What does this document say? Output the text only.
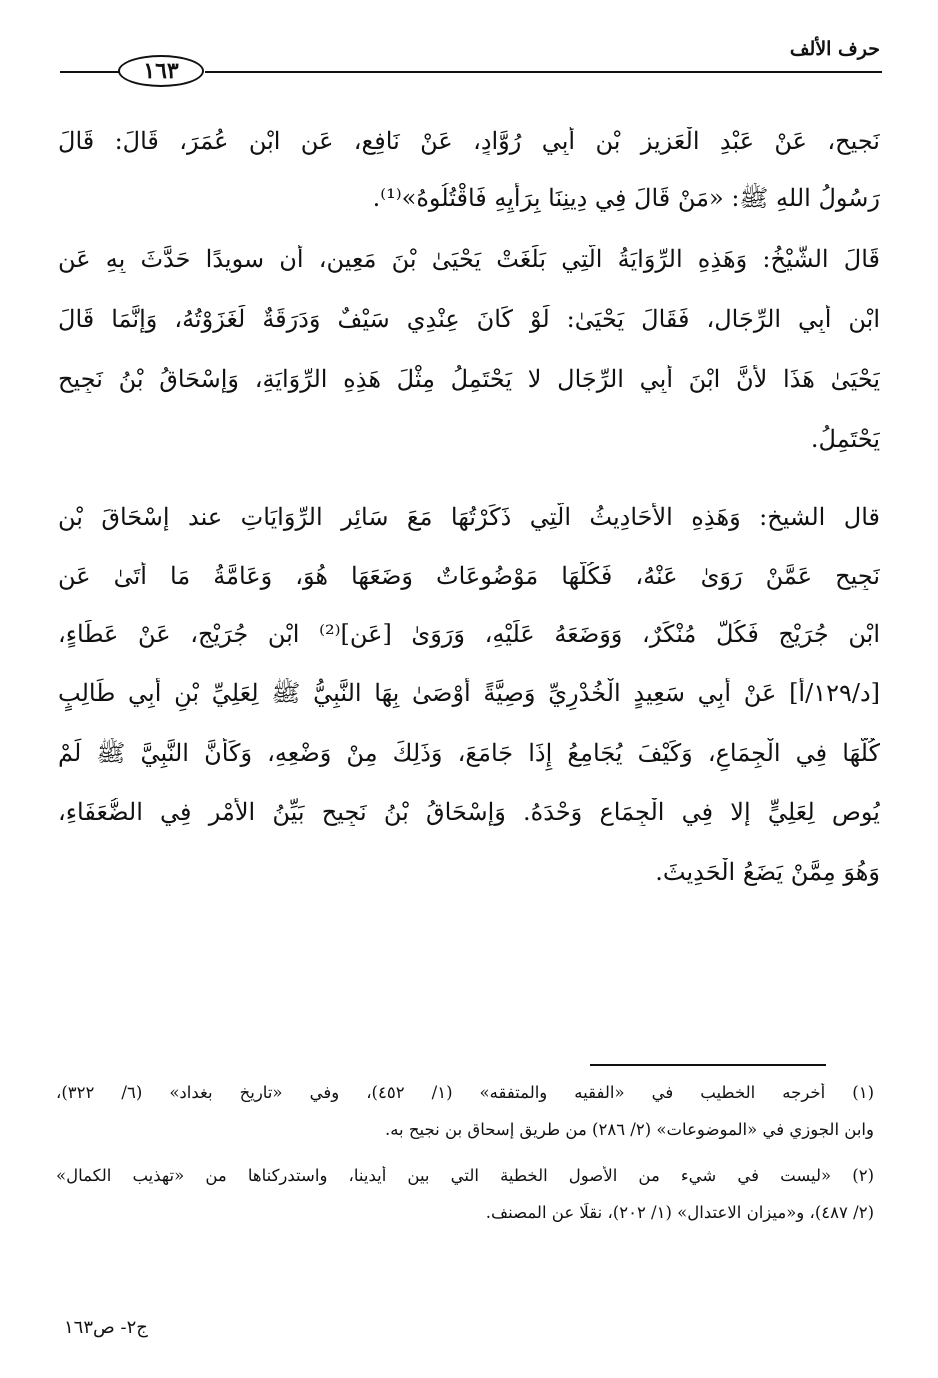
حرف الألف
١٦٣
نَجيح، عَنْ عَبْدِ الْعَزِيزِ بْنِ أَبِي رُوَّادٍ، عَنْ نَافِعٍ، عَنِ ابْنِ عُمَرَ، قَالَ: قَالَ
رَسُولُ اللهِ ﷺ: «مَنْ قَالَ فِي دِينِنَا بِرَأْيِهِ فَاقْتُلُوهُ»⁽¹⁾.
قَالَ الشَّيْخُ: وَهَذِهِ الرِّوَايَةُ الَّتِي بَلَغَتْ يَحْيَىٰ بْنَ مَعِينٍ، أن سويدًا حَدَّثَ بِهِ عَنِ
ابْنِ أَبِي الرِّجَالِ، فَقَالَ يَحْيَىٰ: لَوْ كَانَ عِنْدِي سَيْفٌ وَدَرَقَةٌ لَغَزَوْتُهُ، وَإِنَّمَا قَالَ
يَحْيَىٰ هَذَا لأَنَّ ابْنَ أَبِي الرِّجَالِ لا يَحْتَمِلُ مِثْلَ هَذِهِ الرِّوَايَةِ، وَإِسْحَاقُ بْنُ نَجِيحٍ
يَحْتَمِلُ.
قال الشيخ: وَهَذِهِ الأَحَادِيثُ الَّتِي ذَكَرْتُهَا مَعَ سَائِرِ الرِّوَايَاتِ عند إِسْحَاقَ بْنِ
نَجِيحٍ عَمَّنْ رَوَىٰ عَنْهُ، فَكُلُّهَا مَوْضُوعَاتٌ وَضَعَهَا هُوَ، وَعَامَّةُ مَا أَتَىٰ عَنِ
ابْنِ جُرَيْجٍ فَكُلٌّ مُنْكَرٌ، وَوَضَعَهُ عَلَيْهِ، وَرَوَىٰ [عَنِ]⁽²⁾ ابْنِ جُرَيْجٍ، عَنْ عَطَاءٍ،
[د/١٢٩/أ] عَنْ أَبِي سَعِيدٍ الْخُدْرِيِّ وَصِيَّةً أَوْصَىٰ بِهَا النَّبِيُّ ﷺ لِعَلِيِّ بْنِ أَبِي طَالِبٍ
كُلُّهَا فِي الْجِمَاعِ، وَكَيْفَ يُجَامِعُ إِذَا جَامَعَ، وَذَلِكَ مِنْ وَضْعِهِ، وَكَأَنَّ النَّبِيَّ ﷺ لَمْ
يُوصِ لِعَلِيٍّ إِلا فِي الْجِمَاعِ وَحْدَهُ. وَإِسْحَاقُ بْنُ نَجِيحٍ بَيِّنُ الأَمْرِ فِي الضُّعَفَاءِ،
وَهُوَ مِمَّنْ يَضَعُ الْحَدِيثَ.
(١) أخرجه الخطيب في «الفقيه والمتفقه» (١/ ٤٥٢)، وفي «تاريخ بغداد» (٦/ ٣٢٢)،
وابن الجوزي في «الموضوعات» (٢/ ٢٨٦) من طريق إسحاق بن نجيح به.
(٢) «ليست في شيء من الأصول الخطية التي بين أيدينا، واستدركناها من «تهذيب الكمال»
(٢/ ٤٨٧)، و«ميزان الاعتدال» (١/ ٢٠٢)، نقلًا عن المصنف.
ج٢- ص١٦٣
